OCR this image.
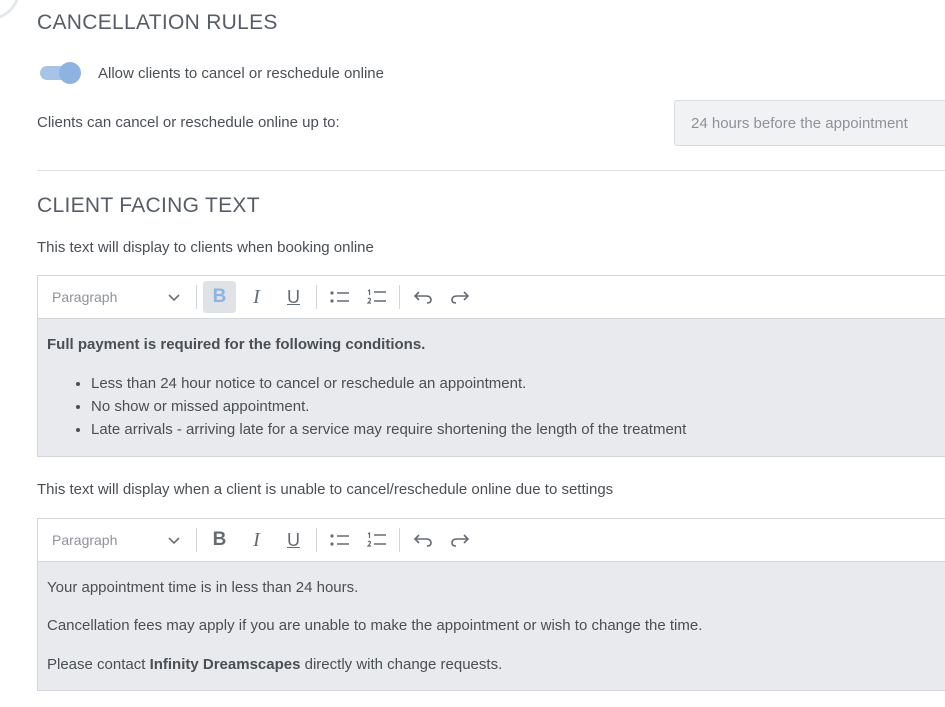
CANCELLATION RULES
Allow clients to cancel or reschedule online
Clients can cancel or reschedule online up to:	24 hours before the appointment
CLIENT FACING TEXT
This text will display to clients when booking online
Paragraph	B I U

Full payment is required for the following conditions.

• Less than 24 hour notice to cancel or reschedule an appointment.
• No show or missed appointment.
• Late arrivals - arriving late for a service may require shortening the length of the treatment
This text will display when a client is unable to cancel/reschedule online due to settings
Paragraph	B I U

Your appointment time is in less than 24 hours.

Cancellation fees may apply if you are unable to make the appointment or wish to change the time.

Please contact Infinity Dreamscapes directly with change requests.
